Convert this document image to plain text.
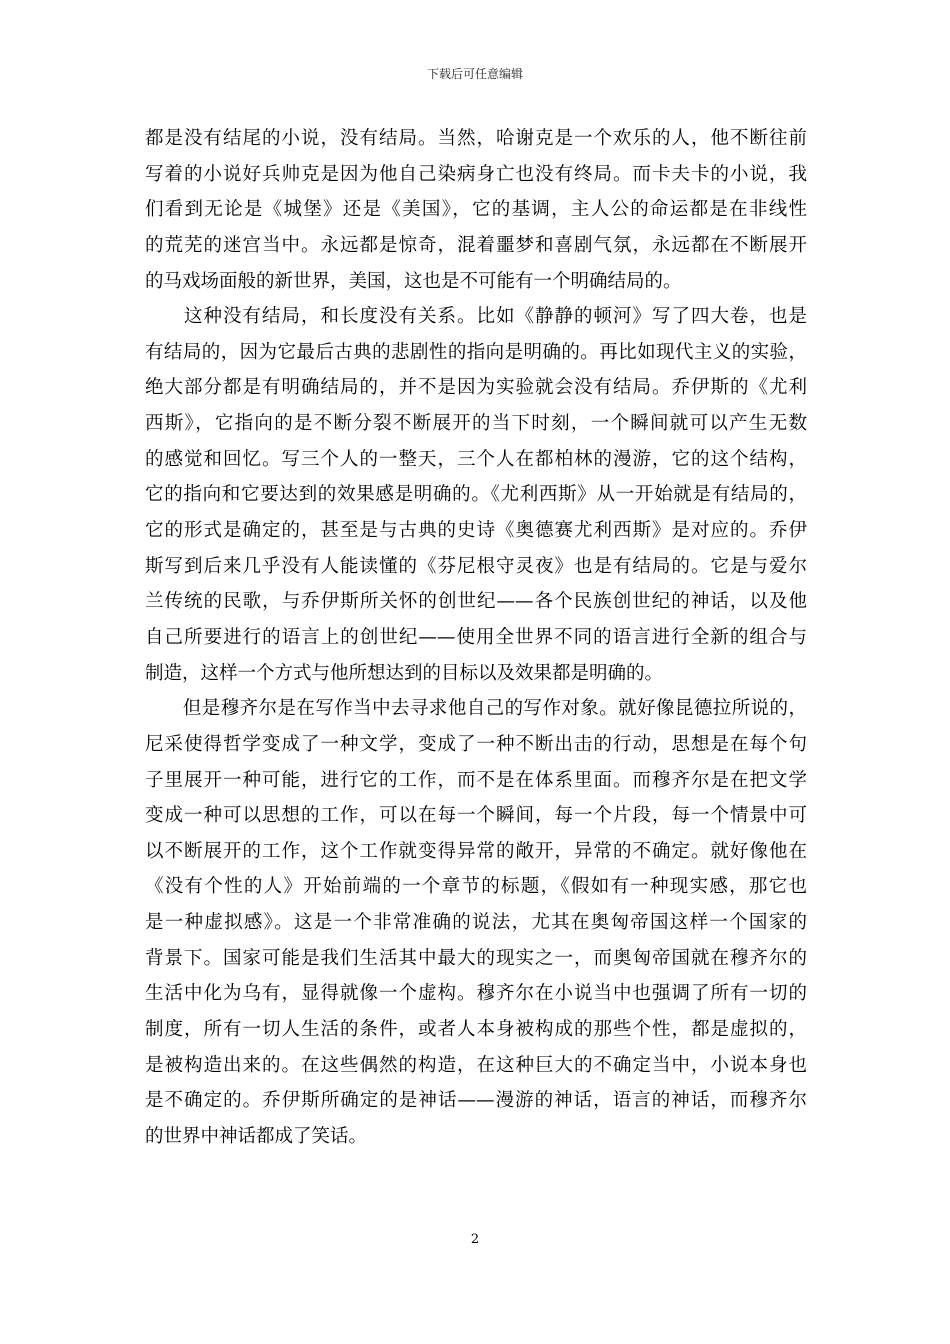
下载后可任意编辑
都是没有结尾的小说，没有结局。当然，哈谢克是一个欢乐的人，他不断往前
写着的小说好兵帅克是因为他自己染病身亡也没有终局。而卡夫卡的小说，我
们看到无论是《城堡》还是《美国》，它的基调，主人公的命运都是在非线性
的荒芜的迷宫当中。永远都是惊奇，混着噩梦和喜剧气氛，永远都在不断展开
的马戏场面般的新世界，美国，这也是不可能有一个明确结局的。
　　这种没有结局，和长度没有关系。比如《静静的顿河》写了四大卷，也是
有结局的，因为它最后古典的悲剧性的指向是明确的。再比如现代主义的实验，
绝大部分都是有明确结局的，并不是因为实验就会没有结局。乔伊斯的《尤利
西斯》，它指向的是不断分裂不断展开的当下时刻，一个瞬间就可以产生无数
的感觉和回忆。写三个人的一整天，三个人在都柏林的漫游，它的这个结构，
它的指向和它要达到的效果感是明确的。《尤利西斯》从一开始就是有结局的，
它的形式是确定的，甚至是与古典的史诗《奥德赛尤利西斯》是对应的。乔伊
斯写到后来几乎没有人能读懂的《芬尼根守灵夜》也是有结局的。它是与爱尔
兰传统的民歌，与乔伊斯所关怀的创世纪——各个民族创世纪的神话，以及他
自己所要进行的语言上的创世纪——使用全世界不同的语言进行全新的组合与
制造，这样一个方式与他所想达到的目标以及效果都是明确的。
　　但是穆齐尔是在写作当中去寻求他自己的写作对象。就好像昆德拉所说的，
尼采使得哲学变成了一种文学，变成了一种不断出击的行动，思想是在每个句
子里展开一种可能，进行它的工作，而不是在体系里面。而穆齐尔是在把文学
变成一种可以思想的工作，可以在每一个瞬间，每一个片段，每一个情景中可
以不断展开的工作，这个工作就变得异常的敞开，异常的不确定。就好像他在
《没有个性的人》开始前端的一个章节的标题，《假如有一种现实感，那它也
是一种虚拟感》。这是一个非常准确的说法，尤其在奥匈帝国这样一个国家的
背景下。国家可能是我们生活其中最大的现实之一，而奥匈帝国就在穆齐尔的
生活中化为乌有，显得就像一个虚构。穆齐尔在小说当中也强调了所有一切的
制度，所有一切人生活的条件，或者人本身被构成的那些个性，都是虚拟的，
是被构造出来的。在这些偶然的构造，在这种巨大的不确定当中，小说本身也
是不确定的。乔伊斯所确定的是神话——漫游的神话，语言的神话，而穆齐尔
的世界中神话都成了笑话。
2
